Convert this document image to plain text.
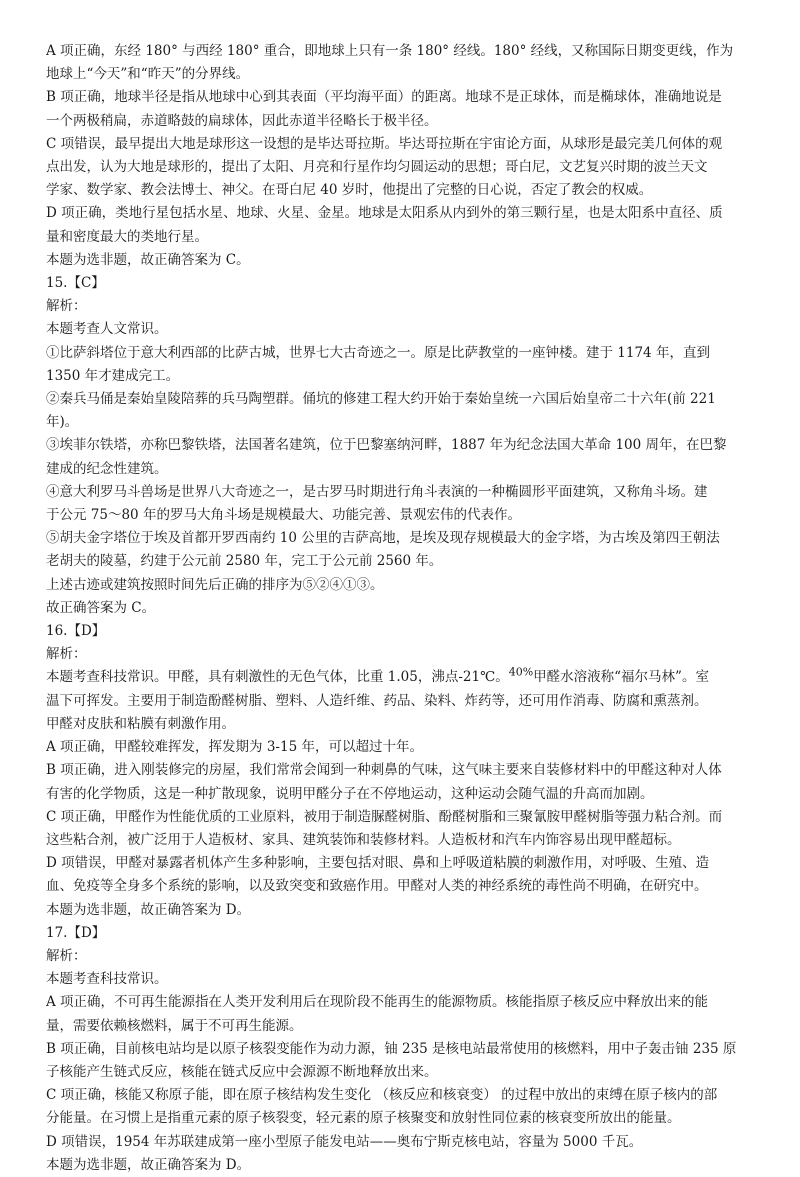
A 项正确，东经 180° 与西经 180° 重合，即地球上只有一条 180° 经线。180° 经线，又称国际日期变更线，作为
地球上“今天”和“昨天”的分界线。
B 项正确，地球半径是指从地球中心到其表面（平均海平面）的距离。地球不是正球体，而是椭球体，准确地说是
一个两极稍扁，赤道略鼓的扁球体，因此赤道半径略长于极半径。
C 项错误，最早提出大地是球形这一设想的是毕达哥拉斯。毕达哥拉斯在宇宙论方面，从球形是最完美几何体的观
点出发，认为大地是球形的，提出了太阳、月亮和行星作均匀圆运动的思想；哥白尼，文艺复兴时期的波兰天文
学家、数学家、教会法博士、神父。在哥白尼 40 岁时，他提出了完整的日心说，否定了教会的权威。
D 项正确，类地行星包括水星、地球、火星、金星。地球是太阳系从内到外的第三颗行星，也是太阳系中直径、质
量和密度最大的类地行星。
本题为选非题，故正确答案为 C。
15.【C】
解析：
本题考查人文常识。
①比萨斜塔位于意大利西部的比萨古城，世界七大古奇迹之一。原是比萨教堂的一座钟楼。建于 1174 年，直到
1350 年才建成完工。
②秦兵马俑是秦始皇陵陪葬的兵马陶塑群。俑坑的修建工程大约开始于秦始皇统一六国后始皇帝二十六年(前 221
年)。
③埃菲尔铁塔，亦称巴黎铁塔，法国著名建筑，位于巴黎塞纳河畔，1887 年为纪念法国大革命 100 周年，在巴黎
建成的纪念性建筑。
④意大利罗马斗兽场是世界八大奇迹之一，是古罗马时期进行角斗表演的一种椭圆形平面建筑，又称角斗场。建
于公元 75～80 年的罗马大角斗场是规模最大、功能完善、景观宏伟的代表作。
⑤胡夫金字塔位于埃及首都开罗西南约 10 公里的吉萨高地，是埃及现存规模最大的金字塔，为古埃及第四王朝法
老胡夫的陵墓，约建于公元前 2580 年，完工于公元前 2560 年。
上述古迹或建筑按照时间先后正确的排序为⑤②④①③。
故正确答案为 C。
16.【D】
解析：
本题考查科技常识。甲醛，具有刺激性的无色气体，比重 1.05，沸点-21℃。$^{40\%}$甲醛水溶液称“福尔马林”。室
温下可挥发。主要用于制造酚醛树脂、塑料、人造纤维、药品、染料、炸药等，还可用作消毒、防腐和熏蒸剂。
甲醛对皮肤和粘膜有刺激作用。
A 项正确，甲醛较难挥发，挥发期为 3-15 年，可以超过十年。
B 项正确，进入刚装修完的房屋，我们常常会闻到一种刺鼻的气味，这气味主要来自装修材料中的甲醛这种对人体
有害的化学物质，这是一种扩散现象，说明甲醛分子在不停地运动，这种运动会随气温的升高而加剧。
C 项正确，甲醛作为性能优质的工业原料，被用于制造脲醛树脂、酚醛树脂和三聚氰胺甲醛树脂等强力粘合剂。而
这些粘合剂，被广泛用于人造板材、家具、建筑装饰和装修材料。人造板材和汽车内饰容易出现甲醛超标。
D 项错误，甲醛对暴露者机体产生多种影响，主要包括对眼、鼻和上呼吸道粘膜的刺激作用，对呼吸、生殖、造
血、免疫等全身多个系统的影响，以及致突变和致癌作用。甲醛对人类的神经系统的毒性尚不明确，在研究中。
本题为选非题，故正确答案为 D。
17.【D】
解析：
本题考查科技常识。
A 项正确，不可再生能源指在人类开发利用后在现阶段不能再生的能源物质。核能指原子核反应中释放出来的能
量，需要依赖核燃料，属于不可再生能源。
B 项正确，目前核电站均是以原子核裂变能作为动力源，铀 235 是核电站最常使用的核燃料，用中子轰击铀 235 原
子核能产生链式反应，核能在链式反应中会源源不断地释放出来。
C 项正确，核能又称原子能，即在原子核结构发生变化 （核反应和核衰变） 的过程中放出的束缚在原子核内的部
分能量。在习惯上是指重元素的原子核裂变，轻元素的原子核聚变和放射性同位素的核衰变所放出的能量。
D 项错误，1954 年苏联建成第一座小型原子能发电站——奥布宁斯克核电站，容量为 5000 千瓦。
本题为选非题，故正确答案为 D。
